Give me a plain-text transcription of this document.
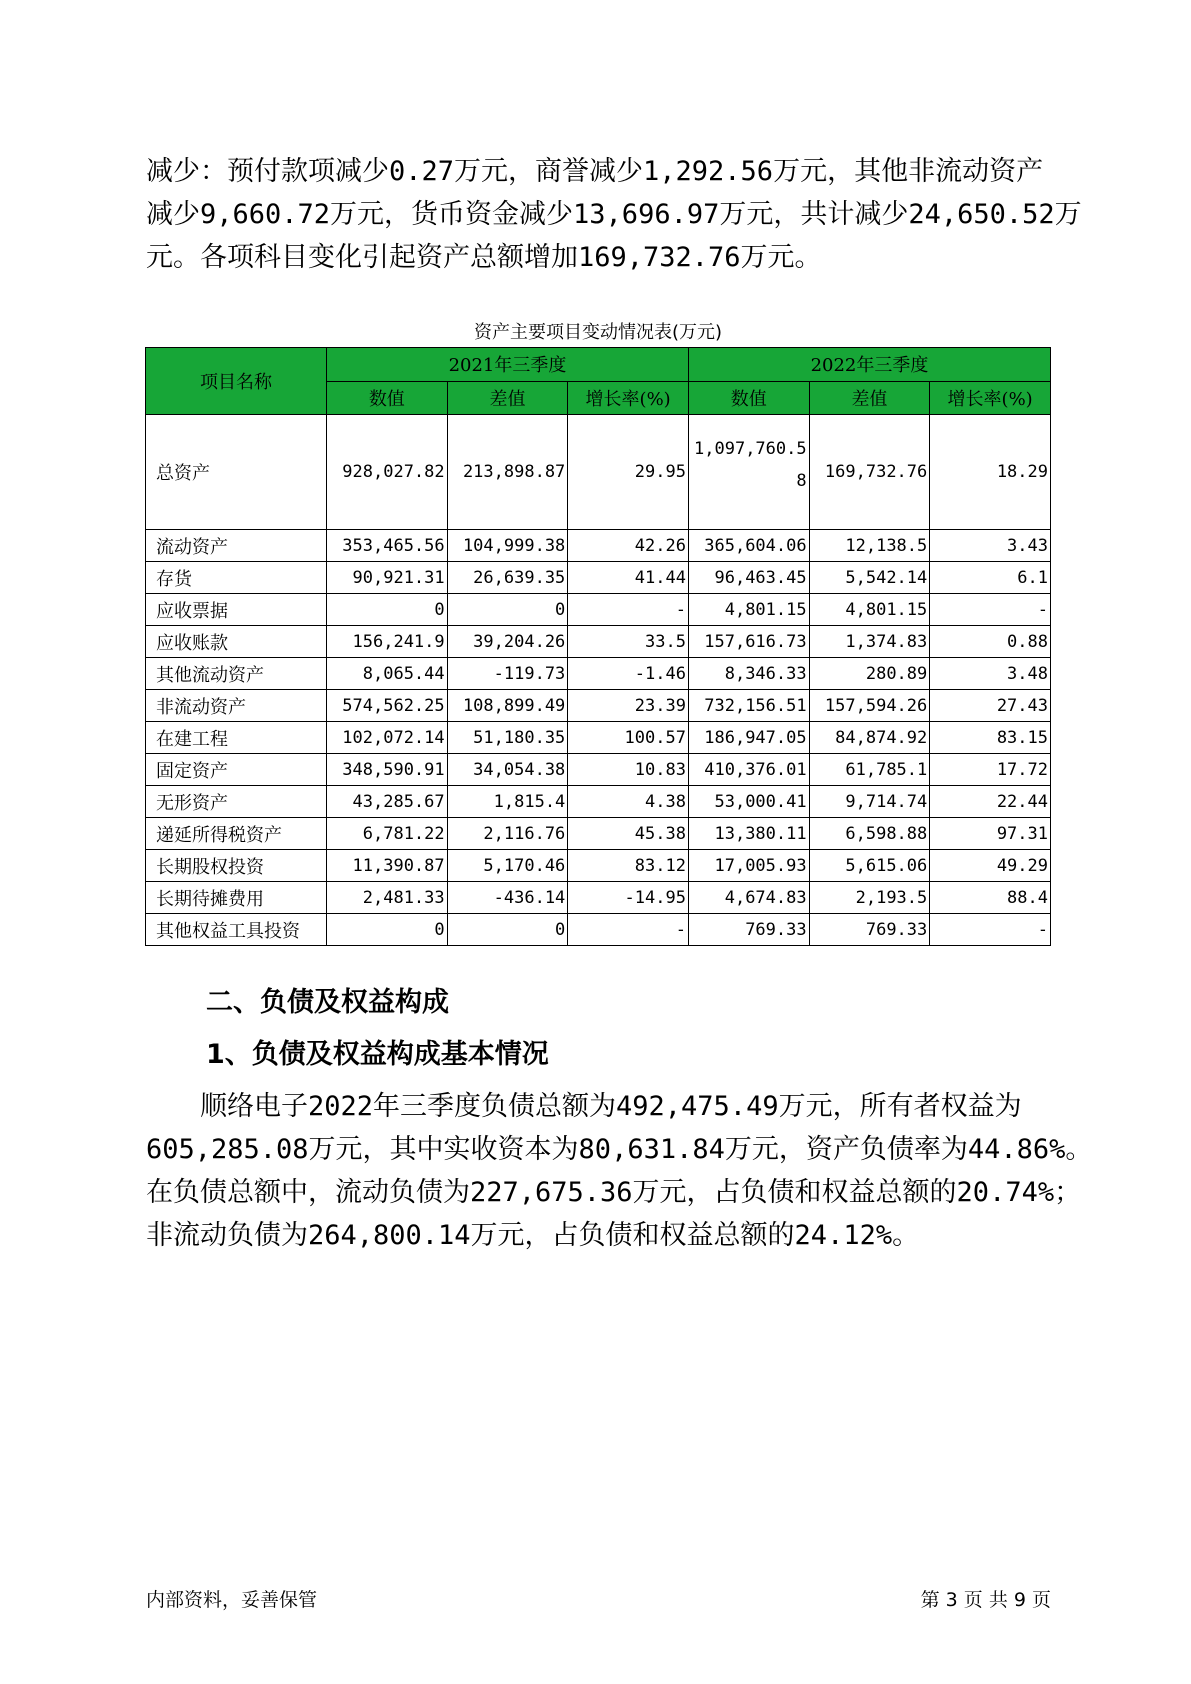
减少：预付款项减少0.27万元，商誉减少1,292.56万元，其他非流动资产

减少9,660.72万元，货币资金减少13,696.97万元，共计减少24,650.52万

元。各项科目变化引起资产总额增加169,732.76万元。

资产主要项目变动情况表(万元)
项目名称	2021年三季度			2022年三季度		
	数值	差值	增长率(%)	数值	差值	增长率(%)
总资产	928,027.82	213,898.87	29.95	1,097,760.58	169,732.76	18.29
流动资产	353,465.56	104,999.38	42.26	365,604.06	12,138.5	3.43
存货	90,921.31	26,639.35	41.44	96,463.45	5,542.14	6.1
应收票据	0	0	-	4,801.15	4,801.15	-
应收账款	156,241.9	39,204.26	33.5	157,616.73	1,374.83	0.88
其他流动资产	8,065.44	-119.73	-1.46	8,346.33	280.89	3.48
非流动资产	574,562.25	108,899.49	23.39	732,156.51	157,594.26	27.43
在建工程	102,072.14	51,180.35	100.57	186,947.05	84,874.92	83.15
固定资产	348,590.91	34,054.38	10.83	410,376.01	61,785.1	17.72
无形资产	43,285.67	1,815.4	4.38	53,000.41	9,714.74	22.44
递延所得税资产	6,781.22	2,116.76	45.38	13,380.11	6,598.88	97.31
长期股权投资	11,390.87	5,170.46	83.12	17,005.93	5,615.06	49.29
长期待摊费用	2,481.33	-436.14	-14.95	4,674.83	2,193.5	88.4
其他权益工具投资	0	0	-	769.33	769.33	-
二、负债及权益构成
1、负债及权益构成基本情况

　　顺络电子2022年三季度负债总额为492,475.49万元，所有者权益为

605,285.08万元，其中实收资本为80,631.84万元，资产负债率为44.86%。

在负债总额中，流动负债为227,675.36万元，占负债和权益总额的20.74%；

非流动负债为264,800.14万元，占负债和权益总额的24.12%。

内部资料，妥善保管	第 3 页 共 9 页
